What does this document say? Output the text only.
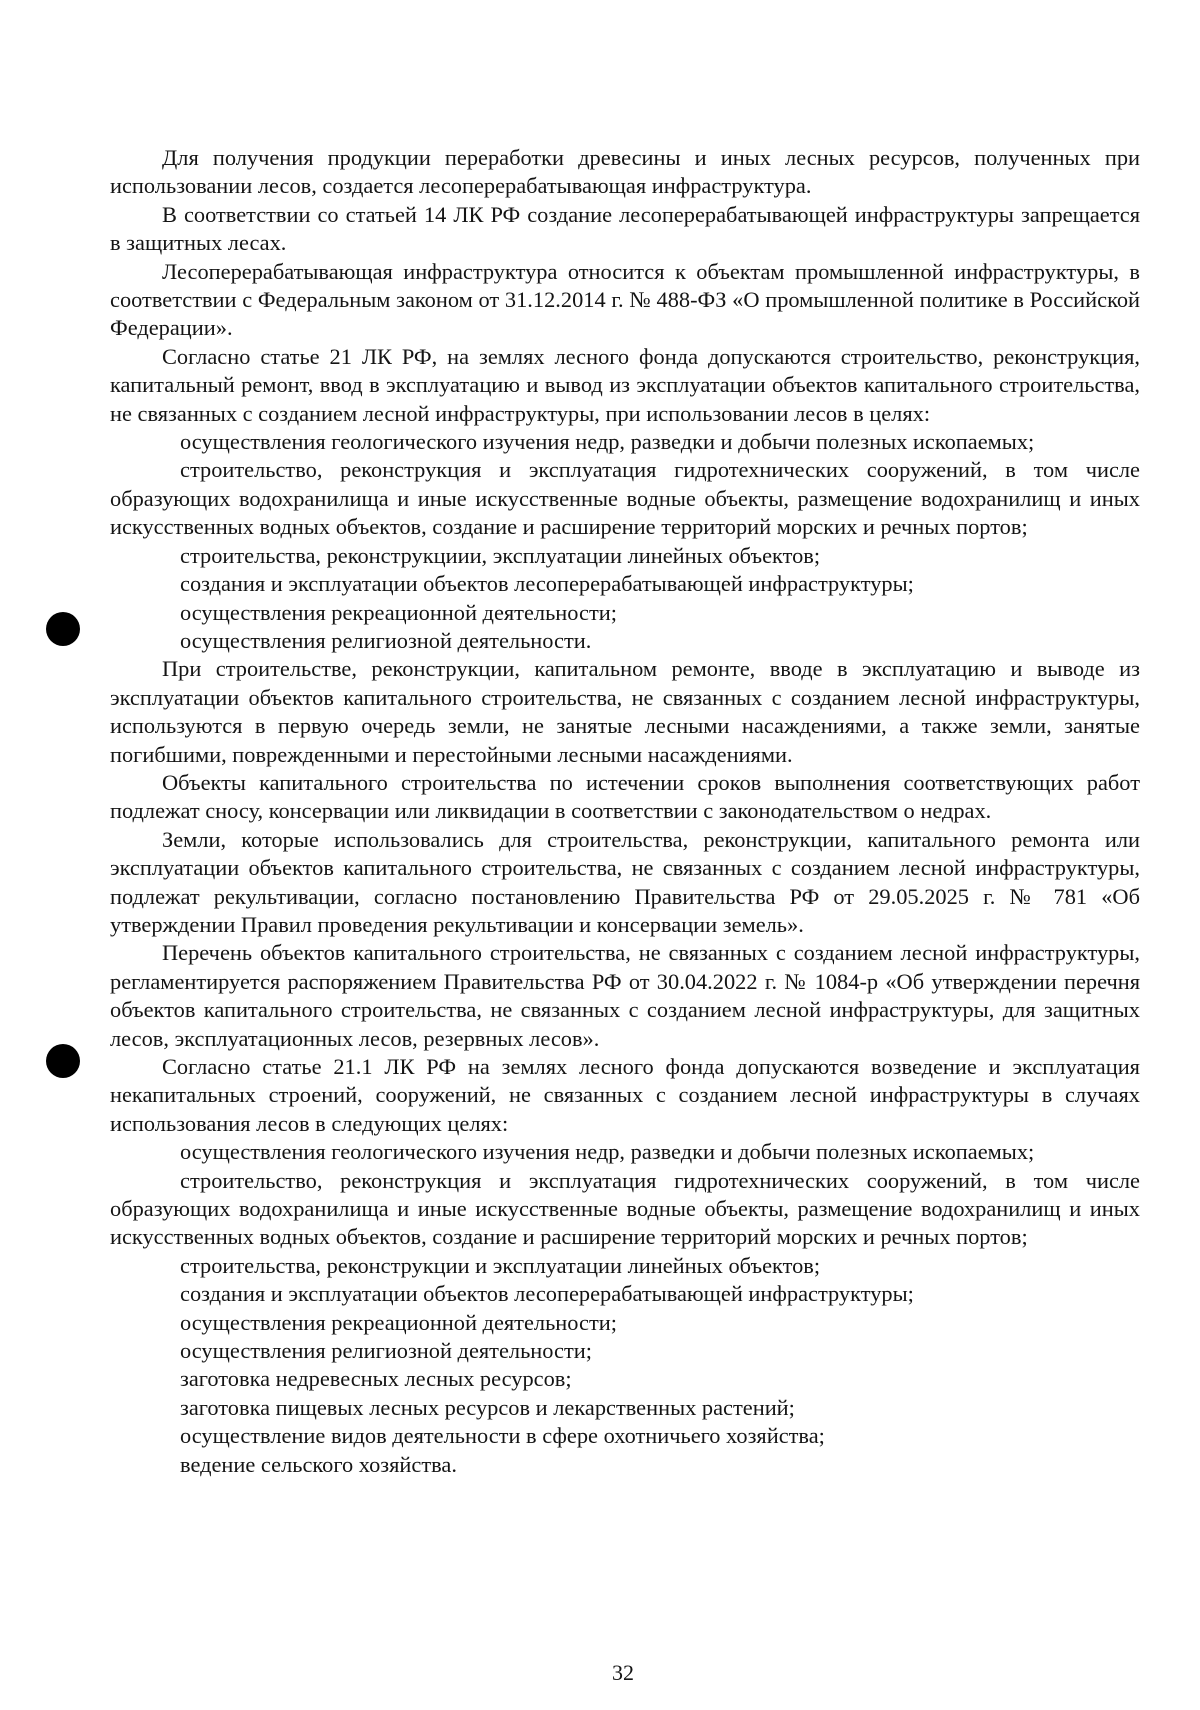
Для получения продукции переработки древесины и иных лесных ресурсов, полученных при использовании лесов, создается лесоперерабатывающая инфраструктура.

В соответствии со статьей 14 ЛК РФ создание лесоперерабатывающей инфраструктуры запрещается в защитных лесах.

Лесоперерабатывающая инфраструктура относится к объектам промышленной инфраструктуры, в соответствии с Федеральным законом от 31.12.2014 г. № 488-ФЗ «О промышленной политике в Российской Федерации».

Согласно статье 21 ЛК РФ, на землях лесного фонда допускаются строительство, реконструкция, капитальный ремонт, ввод в эксплуатацию и вывод из эксплуатации объектов капитального строительства, не связанных с созданием лесной инфраструктуры, при использовании лесов в целях:

осуществления геологического изучения недр, разведки и добычи полезных ископаемых;

строительство, реконструкция и эксплуатация гидротехнических сооружений, в том числе образующих водохранилища и иные искусственные водные объекты, размещение водохранилищ и иных искусственных водных объектов, создание и расширение территорий морских и речных портов;

строительства, реконструкциии, эксплуатации линейных объектов;

создания и эксплуатации объектов лесоперерабатывающей инфраструктуры;

осуществления рекреационной деятельности;

осуществления религиозной деятельности.

При строительстве, реконструкции, капитальном ремонте, вводе в эксплуатацию и выводе из эксплуатации объектов капитального строительства, не связанных с созданием лесной инфраструктуры, используются в первую очередь земли, не занятые лесными насаждениями, а также земли, занятые погибшими, поврежденными и перестойными лесными насаждениями.

Объекты капитального строительства по истечении сроков выполнения соответствующих работ подлежат сносу, консервации или ликвидации в соответствии с законодательством о недрах.

Земли, которые использовались для строительства, реконструкции, капитального ремонта или эксплуатации объектов капитального строительства, не связанных с созданием лесной инфраструктуры, подлежат рекультивации, согласно постановлению Правительства РФ от 29.05.2025 г. № 781 «Об утверждении Правил проведения рекультивации и консервации земель».

Перечень объектов капитального строительства, не связанных с созданием лесной инфраструктуры, регламентируется распоряжением Правительства РФ от 30.04.2022 г. № 1084-р «Об утверждении перечня объектов капитального строительства, не связанных с созданием лесной инфраструктуры, для защитных лесов, эксплуатационных лесов, резервных лесов».

Согласно статье 21.1 ЛК РФ на землях лесного фонда допускаются возведение и эксплуатация некапитальных строений, сооружений, не связанных с созданием лесной инфраструктуры в случаях использования лесов в следующих целях:

осуществления геологического изучения недр, разведки и добычи полезных ископаемых;

строительство, реконструкция и эксплуатация гидротехнических сооружений, в том числе образующих водохранилища и иные искусственные водные объекты, размещение водохранилищ и иных искусственных водных объектов, создание и расширение территорий морских и речных портов;

строительства, реконструкции и эксплуатации линейных объектов;

создания и эксплуатации объектов лесоперерабатывающей инфраструктуры;

осуществления рекреационной деятельности;

осуществления религиозной деятельности;

заготовка недревесных лесных ресурсов;

заготовка пищевых лесных ресурсов и лекарственных растений;

осуществление видов деятельности в сфере охотничьего хозяйства;

ведение сельского хозяйства.

32
